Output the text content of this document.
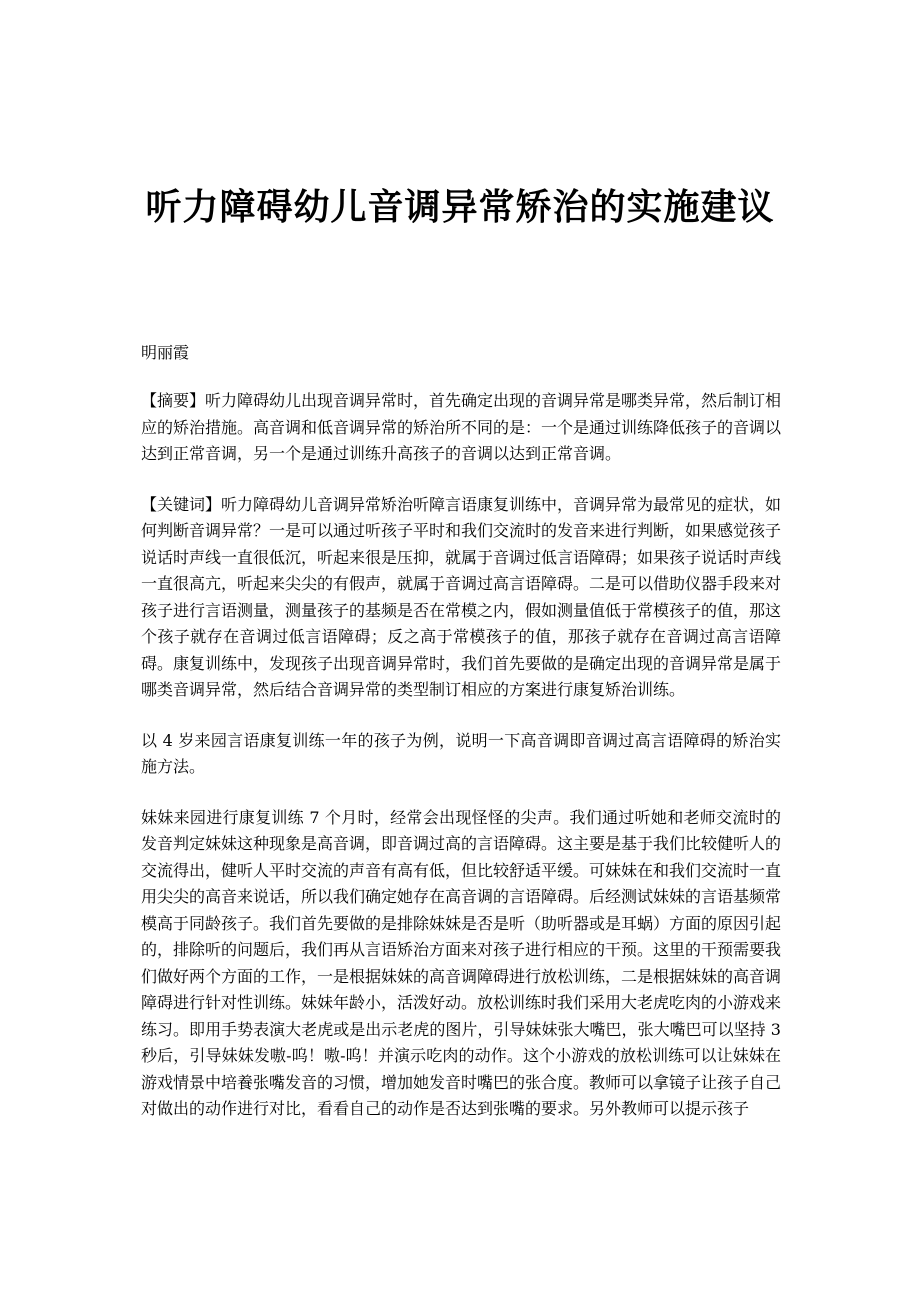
听力障碍幼儿音调异常矫治的实施建议

明丽霞

【摘要】听力障碍幼儿出现音调异常时，首先确定出现的音调异常是哪类异常，然后制订相应的矫治措施。高音调和低音调异常的矫治所不同的是：一个是通过训练降低孩子的音调以达到正常音调，另一个是通过训练升高孩子的音调以达到正常音调。

【关键词】听力障碍幼儿音调异常矫治听障言语康复训练中，音调异常为最常见的症状，如何判断音调异常？一是可以通过听孩子平时和我们交流时的发音来进行判断，如果感觉孩子说话时声线一直很低沉，听起来很是压抑，就属于音调过低言语障碍；如果孩子说话时声线一直很高亢，听起来尖尖的有假声，就属于音调过高言语障碍。二是可以借助仪器手段来对孩子进行言语测量，测量孩子的基频是否在常模之内，假如测量值低于常模孩子的值，那这个孩子就存在音调过低言语障碍；反之高于常模孩子的值，那孩子就存在音调过高言语障碍。康复训练中，发现孩子出现音调异常时，我们首先要做的是确定出现的音调异常是属于哪类音调异常，然后结合音调异常的类型制订相应的方案进行康复矫治训练。

以 4 岁来园言语康复训练一年的孩子为例，说明一下高音调即音调过高言语障碍的矫治实施方法。

妹妹来园进行康复训练 7 个月时，经常会出现怪怪的尖声。我们通过听她和老师交流时的发音判定妹妹这种现象是高音调，即音调过高的言语障碍。这主要是基于我们比较健听人的交流得出，健听人平时交流的声音有高有低，但比较舒适平缓。可妹妹在和我们交流时一直用尖尖的高音来说话，所以我们确定她存在高音调的言语障碍。后经测试妹妹的言语基频常模高于同龄孩子。我们首先要做的是排除妹妹是否是听（助听器或是耳蜗）方面的原因引起的，排除听的问题后，我们再从言语矫治方面来对孩子进行相应的干预。这里的干预需要我们做好两个方面的工作，一是根据妹妹的高音调障碍进行放松训练，二是根据妹妹的高音调障碍进行针对性训练。妹妹年龄小，活泼好动。放松训练时我们采用大老虎吃肉的小游戏来练习。即用手势表演大老虎或是出示老虎的图片，引导妹妹张大嘴巴，张大嘴巴可以坚持 3 秒后，引导妹妹发嗷-呜！嗷-呜！并演示吃肉的动作。这个小游戏的放松训练可以让妹妹在游戏情景中培養张嘴发音的习惯，增加她发音时嘴巴的张合度。教师可以拿镜子让孩子自己对做出的动作进行对比，看看自己的动作是否达到张嘴的要求。另外教师可以提示孩子
